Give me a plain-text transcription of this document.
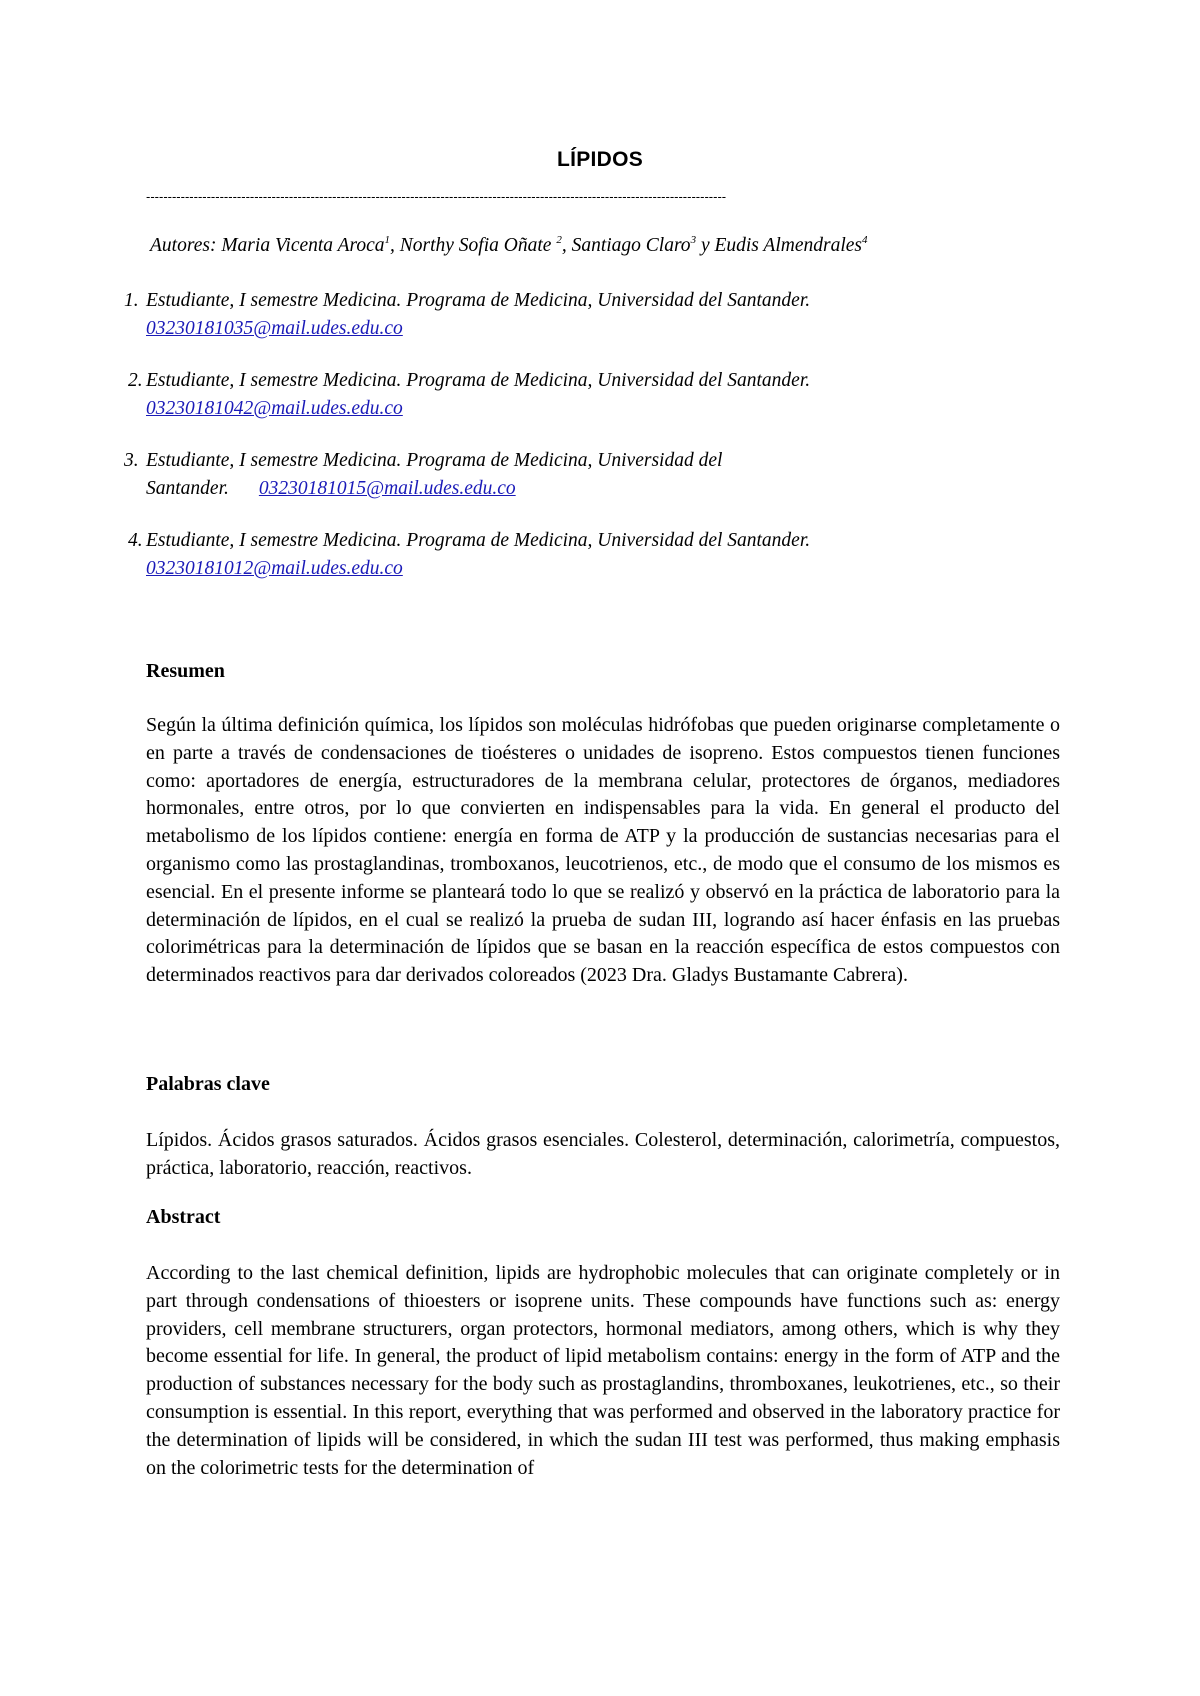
LÍPIDOS
--------------------------------------------------------------------------------------------------------------------------------------
Autores: Maria Vicenta Aroca$^1$, Northy Sofia Oñate $^2$, Santiago Claro$^3$ y Eudis Almendrales$^4$
1. Estudiante, I semestre Medicina. Programa de Medicina, Universidad del Santander.
03230181035@mail.udes.edu.co
2. Estudiante, I semestre Medicina. Programa de Medicina, Universidad del Santander.
03230181042@mail.udes.edu.co
3. Estudiante, I semestre Medicina. Programa de Medicina, Universidad del
Santander. 03230181015@mail.udes.edu.co
4. Estudiante, I semestre Medicina. Programa de Medicina, Universidad del Santander.
03230181012@mail.udes.edu.co
Resumen
Según la última definición química, los lípidos son moléculas hidrófobas que pueden originarse completamente o en parte a través de condensaciones de tioésteres o unidades de isopreno. Estos compuestos tienen funciones como: aportadores de energía, estructuradores de la membrana celular, protectores de órganos, mediadores hormonales, entre otros, por lo que convierten en indispensables para la vida. En general el producto del metabolismo de los lípidos contiene: energía en forma de ATP y la producción de sustancias necesarias para el organismo como las prostaglandinas, tromboxanos, leucotrienos, etc., de modo que el consumo de los mismos es esencial. En el presente informe se planteará todo lo que se realizó y observó en la práctica de laboratorio para la determinación de lípidos, en el cual se realizó la prueba de sudan III, logrando así hacer énfasis en las pruebas colorimétricas para la determinación de lípidos que se basan en la reacción específica de estos compuestos con determinados reactivos para dar derivados coloreados (2023 Dra. Gladys Bustamante Cabrera).
Palabras clave
Lípidos. Ácidos grasos saturados. Ácidos grasos esenciales. Colesterol, determinación, calorimetría, compuestos, práctica, laboratorio, reacción, reactivos.
Abstract
According to the last chemical definition, lipids are hydrophobic molecules that can originate completely or in part through condensations of thioesters or isoprene units. These compounds have functions such as: energy providers, cell membrane structurers, organ protectors, hormonal mediators, among others, which is why they become essential for life. In general, the product of lipid metabolism contains: energy in the form of ATP and the production of substances necessary for the body such as prostaglandins, thromboxanes, leukotrienes, etc., so their consumption is essential. In this report, everything that was performed and observed in the laboratory practice for the determination of lipids will be considered, in which the sudan III test was performed, thus making emphasis on the colorimetric tests for the determination of
